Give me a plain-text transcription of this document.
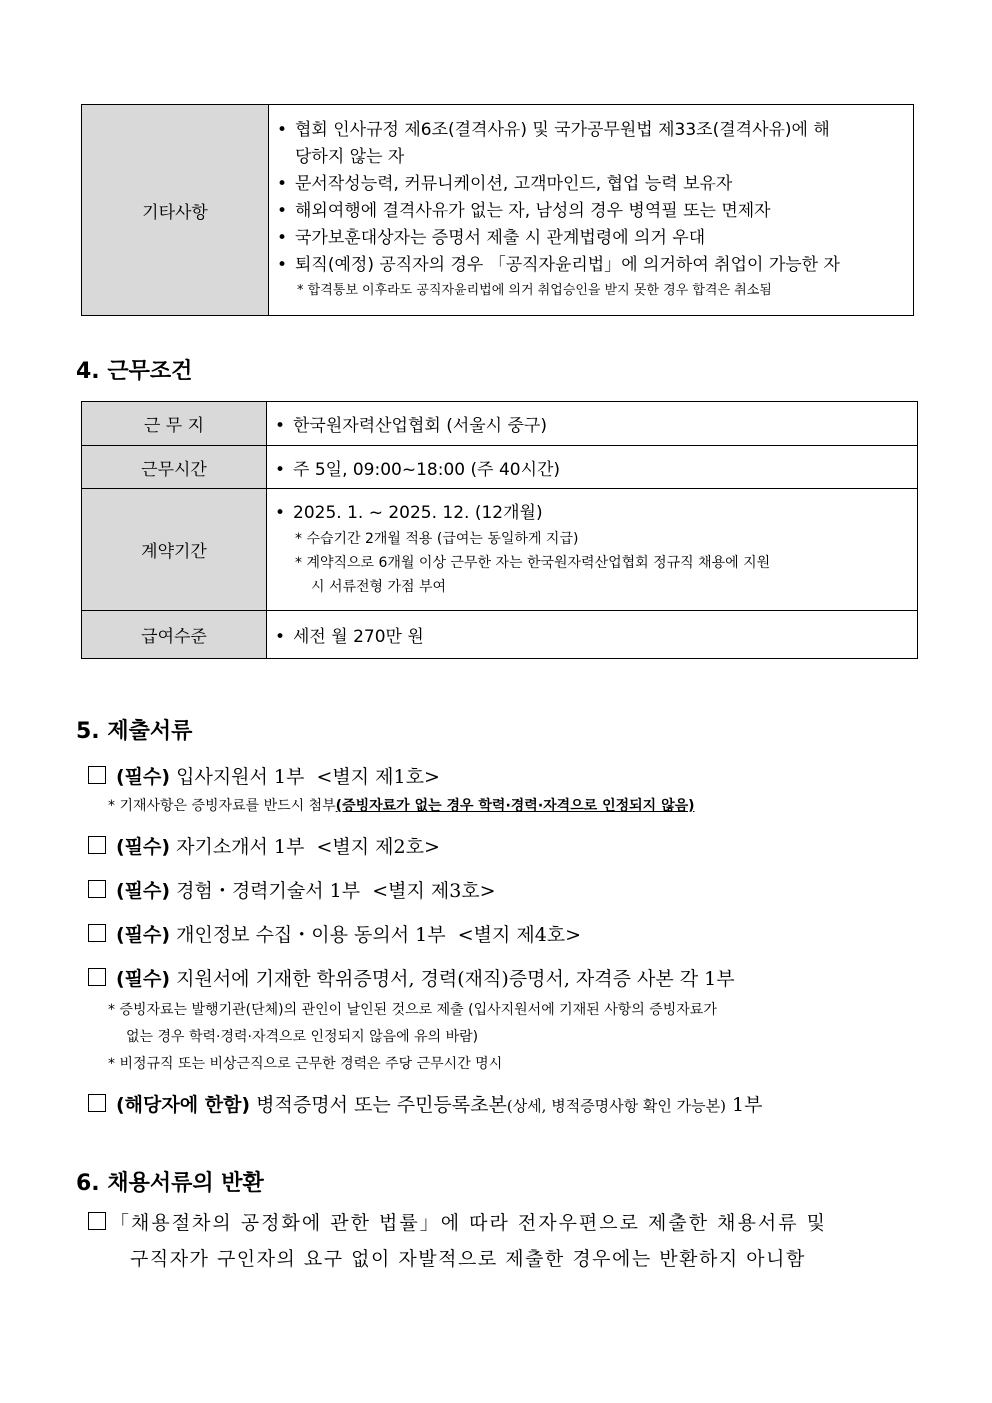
기타사항	
• 협회 인사규정 제6조(결격사유) 및 국가공무원법 제33조(결격사유)에 해
당하지 않는 자
• 문서작성능력, 커뮤니케이션, 고객마인드, 협업 능력 보유자
• 해외여행에 결격사유가 없는 자, 남성의 경우 병역필 또는 면제자
• 국가보훈대상자는 증명서 제출 시 관계법령에 의거 우대
• 퇴직(예정) 공직자의 경우 「공직자윤리법」에 의거하여 취업이 가능한 자
* 합격통보 이후라도 공직자윤리법에 의거 취업승인을 받지 못한 경우 합격은 취소됨
4. 근무조건
근 무 지	• 한국원자력산업협회 (서울시 중구)
근무시간	• 주 5일, 09:00~18:00 (주 40시간)
계약기간	• 2025. 1. ~ 2025. 12. (12개월)
* 수습기간 2개월 적용 (급여는 동일하게 지급)
* 계약직으로 6개월 이상 근무한 자는 한국원자력산업협회 정규직 채용에 지원
시 서류전형 가점 부여

급여수준	• 세전 월 270만 원
5. 제출서류
(필수) 입사지원서 1부 <별지 제1호>
* 기재사항은 증빙자료를 반드시 첨부(증빙자료가 없는 경우 학력·경력·자격으로 인정되지 않음)
(필수) 자기소개서 1부 <별지 제2호>
(필수) 경험・경력기술서 1부 <별지 제3호>
(필수) 개인정보 수집・이용 동의서 1부 <별지 제4호>
(필수) 지원서에 기재한 학위증명서, 경력(재직)증명서, 자격증 사본 각 1부
* 증빙자료는 발행기관(단체)의 관인이 날인된 것으로 제출 (입사지원서에 기재된 사항의 증빙자료가
없는 경우 학력·경력·자격으로 인정되지 않음에 유의 바람)
* 비정규직 또는 비상근직으로 근무한 경력은 주당 근무시간 명시
(해당자에 한함) 병적증명서 또는 주민등록초본(상세, 병적증명사항 확인 가능본) 1부
6. 채용서류의 반환
「채용절차의 공정화에 관한 법률」에 따라 전자우편으로 제출한 채용서류 및
구직자가 구인자의 요구 없이 자발적으로 제출한 경우에는 반환하지 아니함
